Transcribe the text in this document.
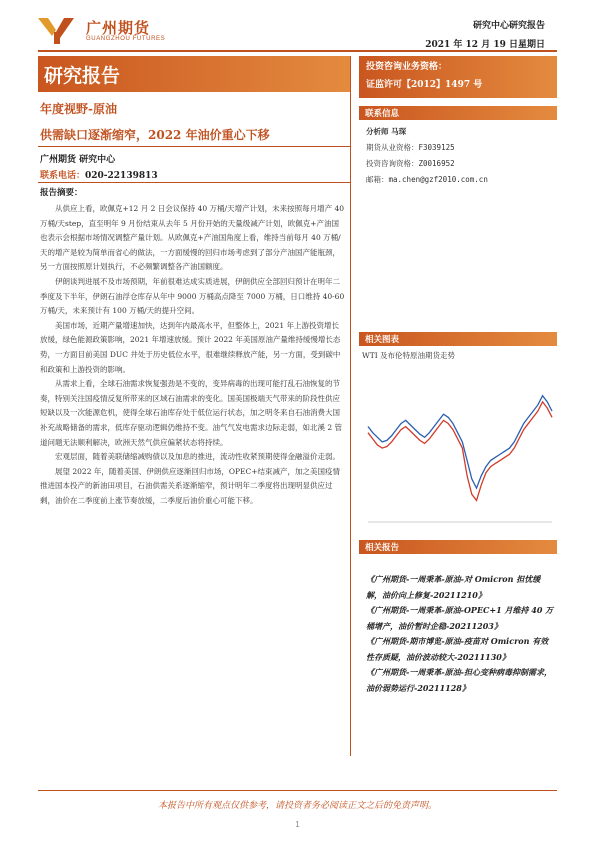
广州期货
GUANGZHOU FUTURES
研究中心研究报告
2021 年 12 月 19 日星期日
研究报告
年度视野-原油
供需缺口逐渐缩窄，2022 年油价重心下移
广州期货 研究中心
联系电话：020-22139813
报告摘要：

从供应上看，欧佩克+12 月 2 日会议保持 40 万桶/天增产计划，未来按照每月增产 40 万桶/天step，直至明年 9 月份结束从去年 5 月份开始的天量级减产计划，欧佩克+产油国也表示会根据市场情况调整产量计划。从欧佩克+产油国角度上看，维持当前每月 40 万桶/天的增产是较为简单而省心的做法，一方面缓慢的回归市场考虑到了部分产油国产能瓶颈，另一方面按照原计划执行，不必频繁调整各产油国额度。

伊朗谈判进展不及市场预期，年前很难达成实质进展，伊朗供应全部回归预计在明年二季度及下半年，伊朗石油浮仓库存从年中 9000 万桶高点降至 7000 万桶，日口维持 40-60 万桶/天，未来预计有 100 万桶/天的提升空间。

美国市场，近期产量增速加快，达到年内最高水平，但整体上，2021 年上游投资增长放缓，绿色能源政策影响，2021 年增速放缓。预计 2022 年美国原油产量维持缓慢增长态势，一方面目前美国 DUC 井处于历史低位水平，很难继续释放产能，另一方面，受到碳中和政策和上游投资的影响。

从需求上看，全球石油需求恢复强劲是不变的，变异病毒的出现可能打乱石油恢复的节奏，特别关注国疫情反复所带来的区域石油需求的变化。国美国极端天气带来的阶段性供应短缺以及一次能源危机，使得全球石油库存处于低位运行状态，加之明冬来自石油消费大国补充战略储备的需求，低库存驱动逻辑仍维持不变。油气气发电需求边际走弱，如北溪 2 管道问题无法顺利解决，欧洲天然气供应偏紧状态将持续。

宏观层面，随着美联储缩减购债以及加息的推进，流动性收紧预期使得金融溢价走弱。

展望 2022 年，随着美国、伊朗供应逐渐回归市场，OPEC+结束减产，加之美国疫情推进国本投产的新油田项目，石油供需关系逐渐缩窄，预计明年二季度将出现明显供应过剩，油价在二季度前上涨节奏放缓，二季度后油价重心可能下移。

投资咨询业务资格：
证监许可【2012】1497 号
联系信息
分析师 马琛
期货从业资格：F3039125
投资咨询资格：Z0016952
邮箱：ma.chen@gzf2010.com.cn
相关图表
WTI 及布伦特原油期货走势
相关报告

《广州期货-一周秉革-原油-对 Omicron 担忧缓解，油价向上修复-20211210》

《广州期货-一周秉革-原油-OPEC+1 月维持 40 万桶增产，油价暂时企稳-20211203》

《广州期货-期市博览-原油-疫苗对 Omicron 有效性存质疑，油价波动较大-20211130》

《广州期货-一周秉革-原油-担心变种病毒抑制需求，油价弱势运行-20211128》

本报告中所有观点仅供参考，请投资者务必阅读正文之后的免责声明。
1
